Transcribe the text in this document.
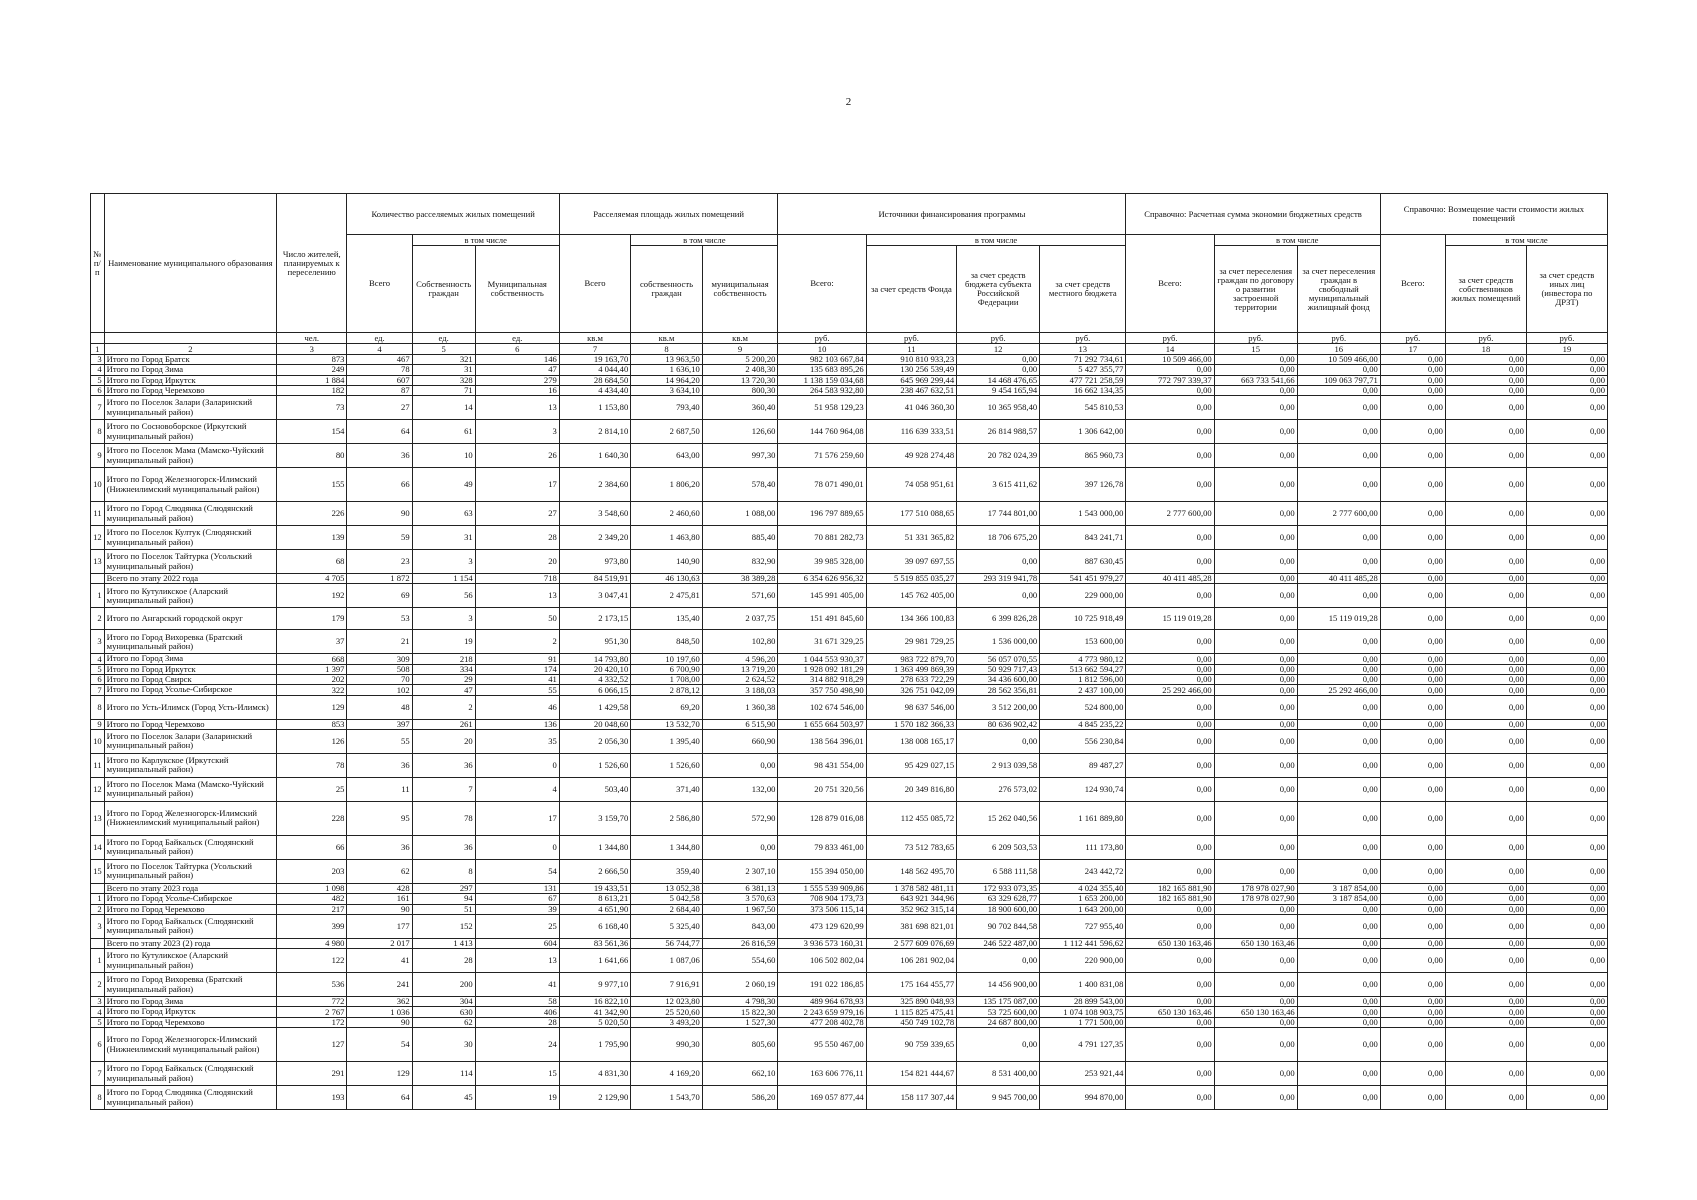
2
№ п/п	Наименование муниципального образования	Число жителей, планируемых к переселению	Количество расселяемых жилых помещений			Расселяемая площадь жилых помещений			Источники финансирования программы				Справочно: Расчетная сумма экономии бюджетных средств			Справочно: Возмещение части стоимости жилых помещений		
			Всего	в том числе		Всего	в том числе		Всего:	в том числе			Всего:	в том числе		Всего:	в том числе	
				Собственность граждан	Муниципальная собственность		собственность граждан	муниципальная собственность		за счет средств Фонда	за счет средств бюджета субъекта Российской Федерации	за счет средств местного бюджета		за счет переселения граждан по договору о развитии застроенной территории	за счет переселения граждан в свободный муниципальный жилищный фонд		за счет средств собственников жилых помещений	за счет средств иных лиц (инвестора по ДРЗТ)
		чел.	ед.	ед.	ед.	кв.м	кв.м	кв.м	руб.	руб.	руб.	руб.	руб.	руб.	руб.	руб.	руб.	руб.
1	2	3	4	5	6	7	8	9	10	11	12	13	14	15	16	17	18	19
3	Итого по Город Братск	873	467	321	146	19 163,70	13 963,50	5 200,20	982 103 667,84	910 810 933,23	0,00	71 292 734,61	10 509 466,00	0,00	10 509 466,00	0,00	0,00	0,00
4	Итого по Город Зима	249	78	31	47	4 044,40	1 636,10	2 408,30	135 683 895,26	130 256 539,49	0,00	5 427 355,77	0,00	0,00	0,00	0,00	0,00	0,00
5	Итого по Город Иркутск	1 884	607	328	279	28 684,50	14 964,20	13 720,30	1 138 159 034,68	645 969 299,44	14 468 476,65	477 721 258,59	772 797 339,37	663 733 541,66	109 063 797,71	0,00	0,00	0,00
6	Итого по Город Черемхово	182	87	71	16	4 434,40	3 634,10	800,30	264 583 932,80	238 467 632,51	9 454 165,94	16 662 134,35	0,00	0,00	0,00	0,00	0,00	0,00
7	Итого по Поселок Залари (Заларинский муниципальный район)	73	27	14	13	1 153,80	793,40	360,40	51 958 129,23	41 046 360,30	10 365 958,40	545 810,53	0,00	0,00	0,00	0,00	0,00	0,00
8	Итого по Сосновоборское (Иркутский муниципальный район)	154	64	61	3	2 814,10	2 687,50	126,60	144 760 964,08	116 639 333,51	26 814 988,57	1 306 642,00	0,00	0,00	0,00	0,00	0,00	0,00
9	Итого по Поселок Мама (Мамско-Чуйский муниципальный район)	80	36	10	26	1 640,30	643,00	997,30	71 576 259,60	49 928 274,48	20 782 024,39	865 960,73	0,00	0,00	0,00	0,00	0,00	0,00
10	Итого по Город Железногорск-Илимский (Нижнеилимский муниципальный район)	155	66	49	17	2 384,60	1 806,20	578,40	78 071 490,01	74 058 951,61	3 615 411,62	397 126,78	0,00	0,00	0,00	0,00	0,00	0,00
11	Итого по Город Слюдянка (Слюдянский муниципальный район)	226	90	63	27	3 548,60	2 460,60	1 088,00	196 797 889,65	177 510 088,65	17 744 801,00	1 543 000,00	2 777 600,00	0,00	2 777 600,00	0,00	0,00	0,00
12	Итого по Поселок Култук (Слюдянский муниципальный район)	139	59	31	28	2 349,20	1 463,80	885,40	70 881 282,73	51 331 365,82	18 706 675,20	843 241,71	0,00	0,00	0,00	0,00	0,00	0,00
13	Итого по Поселок Тайтурка (Усольский муниципальный район)	68	23	3	20	973,80	140,90	832,90	39 985 328,00	39 097 697,55	0,00	887 630,45	0,00	0,00	0,00	0,00	0,00	0,00
	Всего по этапу 2022 года	4 705	1 872	1 154	718	84 519,91	46 130,63	38 389,28	6 354 626 956,32	5 519 855 035,27	293 319 941,78	541 451 979,27	40 411 485,28	0,00	40 411 485,28	0,00	0,00	0,00
1	Итого по Кутуликское (Аларский муниципальный район)	192	69	56	13	3 047,41	2 475,81	571,60	145 991 405,00	145 762 405,00	0,00	229 000,00	0,00	0,00	0,00	0,00	0,00	0,00
2	Итого по Ангарский городской округ	179	53	3	50	2 173,15	135,40	2 037,75	151 491 845,60	134 366 100,83	6 399 826,28	10 725 918,49	15 119 019,28	0,00	15 119 019,28	0,00	0,00	0,00
3	Итого по Город Вихоревка (Братский муниципальный район)	37	21	19	2	951,30	848,50	102,80	31 671 329,25	29 981 729,25	1 536 000,00	153 600,00	0,00	0,00	0,00	0,00	0,00	0,00
4	Итого по Город Зима	668	309	218	91	14 793,80	10 197,60	4 596,20	1 044 553 930,37	983 722 879,70	56 057 070,55	4 773 980,12	0,00	0,00	0,00	0,00	0,00	0,00
5	Итого по Город Иркутск	1 397	508	334	174	20 420,10	6 700,90	13 719,20	1 928 092 181,29	1 363 499 869,39	50 929 717,43	513 662 594,27	0,00	0,00	0,00	0,00	0,00	0,00
6	Итого по Город Свирск	202	70	29	41	4 332,52	1 708,00	2 624,52	314 882 918,29	278 633 722,29	34 436 600,00	1 812 596,00	0,00	0,00	0,00	0,00	0,00	0,00
7	Итого по Город Усолье-Сибирское	322	102	47	55	6 066,15	2 878,12	3 188,03	357 750 498,90	326 751 042,09	28 562 356,81	2 437 100,00	25 292 466,00	0,00	25 292 466,00	0,00	0,00	0,00
8	Итого по Усть-Илимск (Город Усть-Илимск)	129	48	2	46	1 429,58	69,20	1 360,38	102 674 546,00	98 637 546,00	3 512 200,00	524 800,00	0,00	0,00	0,00	0,00	0,00	0,00
9	Итого по Город Черемхово	853	397	261	136	20 048,60	13 532,70	6 515,90	1 655 664 503,97	1 570 182 366,33	80 636 902,42	4 845 235,22	0,00	0,00	0,00	0,00	0,00	0,00
10	Итого по Поселок Залари (Заларинский муниципальный район)	126	55	20	35	2 056,30	1 395,40	660,90	138 564 396,01	138 008 165,17	0,00	556 230,84	0,00	0,00	0,00	0,00	0,00	0,00
11	Итого по Карлукское (Иркутский муниципальный район)	78	36	36	0	1 526,60	1 526,60	0,00	98 431 554,00	95 429 027,15	2 913 039,58	89 487,27	0,00	0,00	0,00	0,00	0,00	0,00
12	Итого по Поселок Мама (Мамско-Чуйский муниципальный район)	25	11	7	4	503,40	371,40	132,00	20 751 320,56	20 349 816,80	276 573,02	124 930,74	0,00	0,00	0,00	0,00	0,00	0,00
13	Итого по Город Железногорск-Илимский (Нижнеилимский муниципальный район)	228	95	78	17	3 159,70	2 586,80	572,90	128 879 016,08	112 455 085,72	15 262 040,56	1 161 889,80	0,00	0,00	0,00	0,00	0,00	0,00
14	Итого по Город Байкальск (Слюдянский муниципальный район)	66	36	36	0	1 344,80	1 344,80	0,00	79 833 461,00	73 512 783,65	6 209 503,53	111 173,80	0,00	0,00	0,00	0,00	0,00	0,00
15	Итого по Поселок Тайтурка (Усольский муниципальный район)	203	62	8	54	2 666,50	359,40	2 307,10	155 394 050,00	148 562 495,70	6 588 111,58	243 442,72	0,00	0,00	0,00	0,00	0,00	0,00
	Всего по этапу 2023 года	1 098	428	297	131	19 433,51	13 052,38	6 381,13	1 555 539 909,86	1 378 582 481,11	172 933 073,35	4 024 355,40	182 165 881,90	178 978 027,90	3 187 854,00	0,00	0,00	0,00
1	Итого по Город Усолье-Сибирское	482	161	94	67	8 613,21	5 042,58	3 570,63	708 904 173,73	643 921 344,96	63 329 628,77	1 653 200,00	182 165 881,90	178 978 027,90	3 187 854,00	0,00	0,00	0,00
2	Итого по Город Черемхово	217	90	51	39	4 651,90	2 684,40	1 967,50	373 506 115,14	352 962 315,14	18 900 600,00	1 643 200,00	0,00	0,00	0,00	0,00	0,00	0,00
3	Итого по Город Байкальск (Слюдянский муниципальный район)	399	177	152	25	6 168,40	5 325,40	843,00	473 129 620,99	381 698 821,01	90 702 844,58	727 955,40	0,00	0,00	0,00	0,00	0,00	0,00
	Всего по этапу 2023 (2) года	4 980	2 017	1 413	604	83 561,36	56 744,77	26 816,59	3 936 573 160,31	2 577 609 076,69	246 522 487,00	1 112 441 596,62	650 130 163,46	650 130 163,46	0,00	0,00	0,00	0,00
1	Итого по Кутуликское (Аларский муниципальный район)	122	41	28	13	1 641,66	1 087,06	554,60	106 502 802,04	106 281 902,04	0,00	220 900,00	0,00	0,00	0,00	0,00	0,00	0,00
2	Итого по Город Вихоревка (Братский муниципальный район)	536	241	200	41	9 977,10	7 916,91	2 060,19	191 022 186,85	175 164 455,77	14 456 900,00	1 400 831,08	0,00	0,00	0,00	0,00	0,00	0,00
3	Итого по Город Зима	772	362	304	58	16 822,10	12 023,80	4 798,30	489 964 678,93	325 890 048,93	135 175 087,00	28 899 543,00	0,00	0,00	0,00	0,00	0,00	0,00
4	Итого по Город Иркутск	2 767	1 036	630	406	41 342,90	25 520,60	15 822,30	2 243 659 979,16	1 115 825 475,41	53 725 600,00	1 074 108 903,75	650 130 163,46	650 130 163,46	0,00	0,00	0,00	0,00
5	Итого по Город Черемхово	172	90	62	28	5 020,50	3 493,20	1 527,30	477 208 402,78	450 749 102,78	24 687 800,00	1 771 500,00	0,00	0,00	0,00	0,00	0,00	0,00
6	Итого по Город Железногорск-Илимский (Нижнеилимский муниципальный район)	127	54	30	24	1 795,90	990,30	805,60	95 550 467,00	90 759 339,65	0,00	4 791 127,35	0,00	0,00	0,00	0,00	0,00	0,00
7	Итого по Город Байкальск (Слюдянский муниципальный район)	291	129	114	15	4 831,30	4 169,20	662,10	163 606 776,11	154 821 444,67	8 531 400,00	253 921,44	0,00	0,00	0,00	0,00	0,00	0,00
8	Итого по Город Слюдянка (Слюдянский муниципальный район)	193	64	45	19	2 129,90	1 543,70	586,20	169 057 877,44	158 117 307,44	9 945 700,00	994 870,00	0,00	0,00	0,00	0,00	0,00	0,00
